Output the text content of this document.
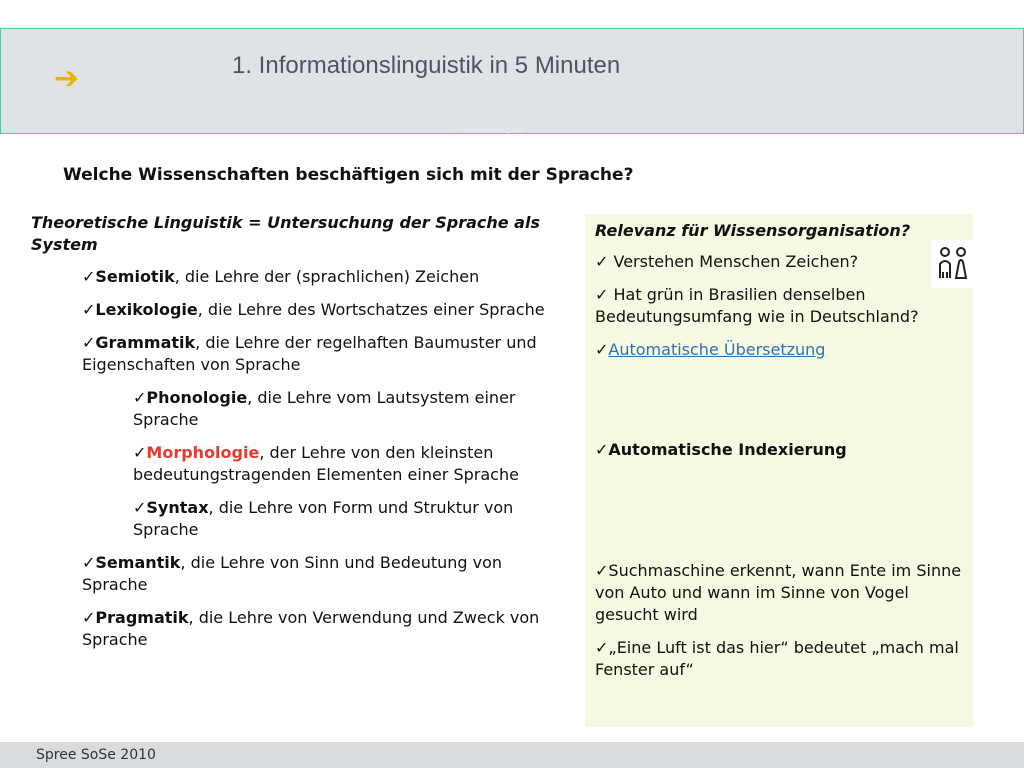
➔	1. Informationslinguistik in 5 Minuten
Informationslinguistik
Welche Wissenschaften beschäftigen sich mit der Sprache?
Theoretische Linguistik = Untersuchung der Sprache als System
✓Semiotik, die Lehre der (sprachlichen) Zeichen
✓Lexikologie, die Lehre des Wortschatzes einer Sprache
✓Grammatik, die Lehre der regelhaften Baumuster und Eigenschaften von Sprache
✓Phonologie, die Lehre vom Lautsystem einer Sprache
✓Morphologie, der Lehre von den kleinsten bedeutungstragenden Elementen einer Sprache
✓Syntax, die Lehre von Form und Struktur von Sprache
✓Semantik, die Lehre von Sinn und Bedeutung von Sprache
✓Pragmatik, die Lehre von Verwendung und Zweck von Sprache
Relevanz für Wissensorganisation?
✓ Verstehen Menschen Zeichen?
✓ Hat grün in Brasilien denselben Bedeutungsumfang wie in Deutschland?
✓Automatische Übersetzung
✓Automatische Indexierung
✓Suchmaschine erkennt, wann Ente im Sinne von Auto und wann im Sinne von Vogel gesucht wird
✓„Eine Luft ist das hier“ bedeutet „mach mal Fenster auf“
Spree SoSe 2010
